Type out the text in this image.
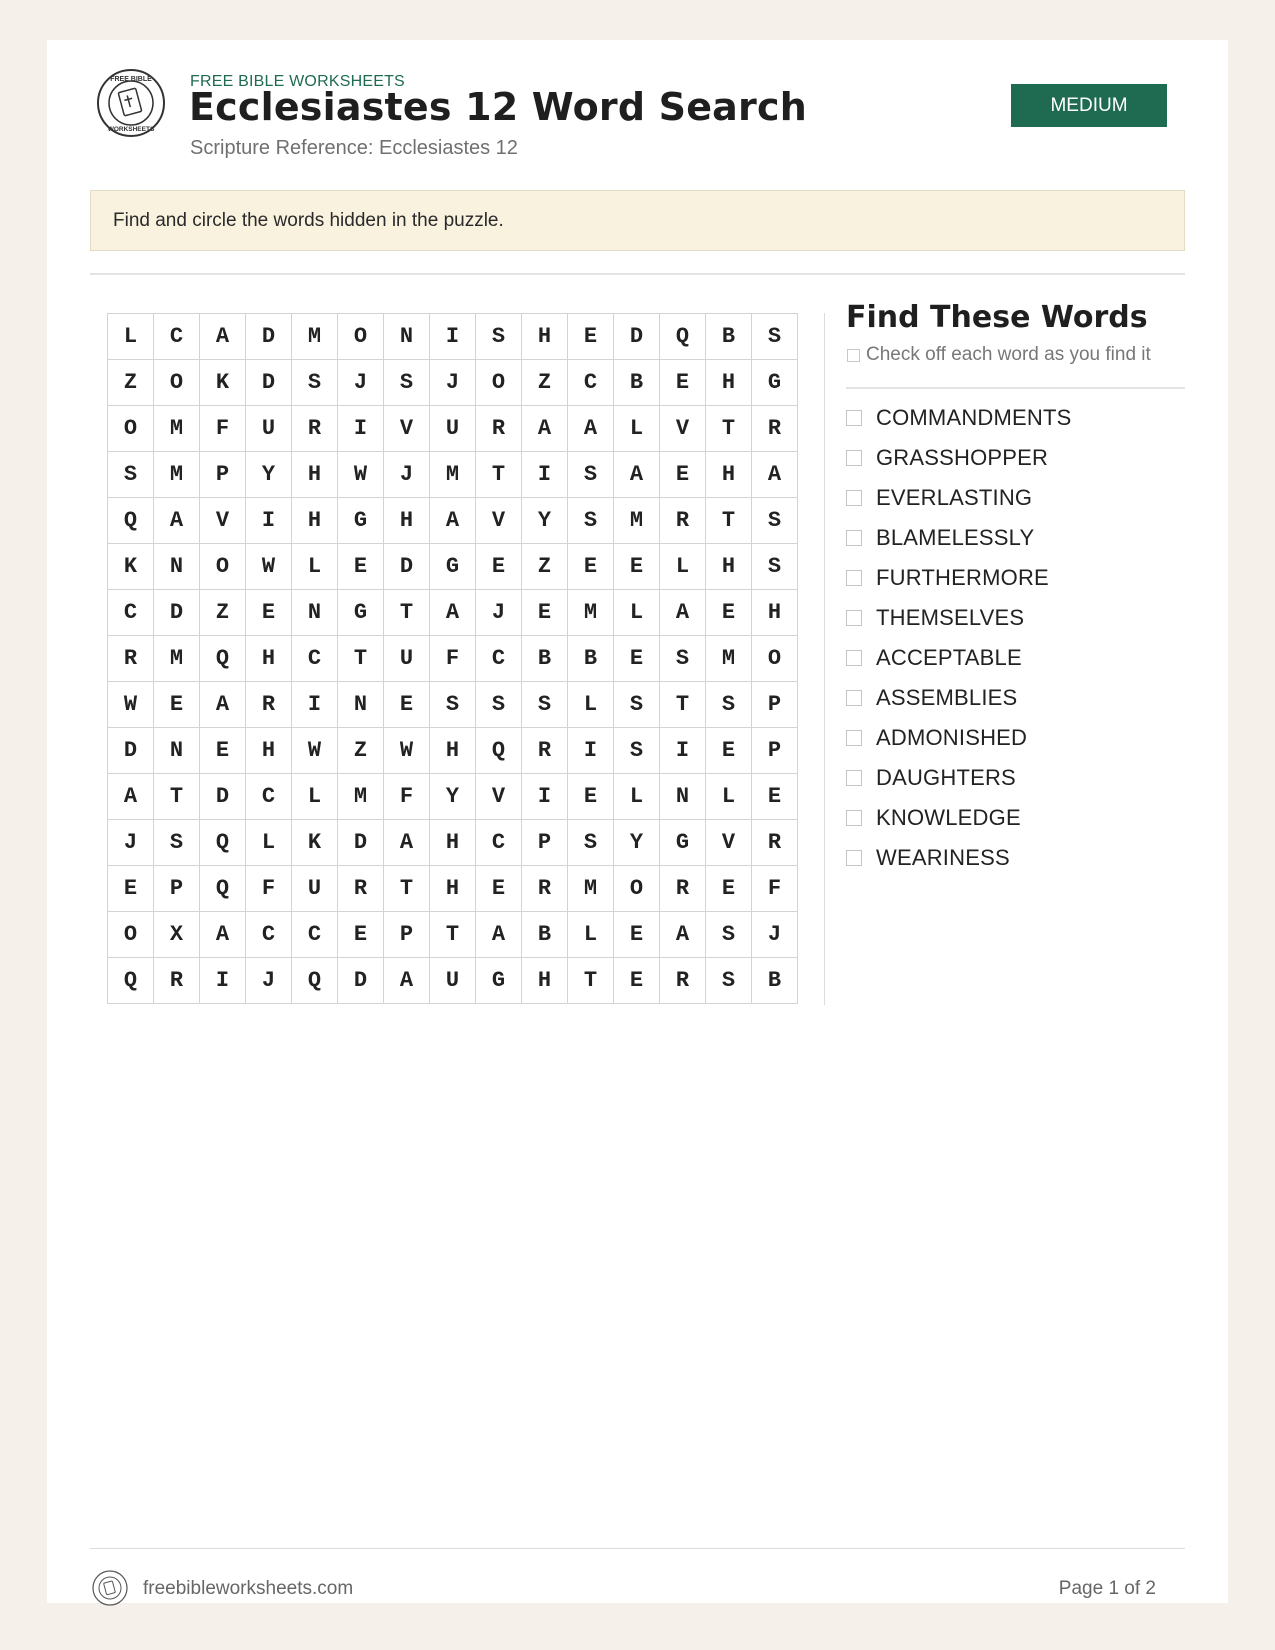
FREE BIBLE
WORKSHEETS
FREE BIBLE WORKSHEETS
Ecclesiastes 12 Word Search
Scripture Reference: Ecclesiastes 12
MEDIUM
Find and circle the words hidden in the puzzle.
L	C	A	D	M	O	N	I	S	H	E	D	Q	B	S
Z	O	K	D	S	J	S	J	O	Z	C	B	E	H	G
O	M	F	U	R	I	V	U	R	A	A	L	V	T	R
S	M	P	Y	H	W	J	M	T	I	S	A	E	H	A
Q	A	V	I	H	G	H	A	V	Y	S	M	R	T	S
K	N	O	W	L	E	D	G	E	Z	E	E	L	H	S
C	D	Z	E	N	G	T	A	J	E	M	L	A	E	H
R	M	Q	H	C	T	U	F	C	B	B	E	S	M	O
W	E	A	R	I	N	E	S	S	S	L	S	T	S	P
D	N	E	H	W	Z	W	H	Q	R	I	S	I	E	P
A	T	D	C	L	M	F	Y	V	I	E	L	N	L	E
J	S	Q	L	K	D	A	H	C	P	S	Y	G	V	R
E	P	Q	F	U	R	T	H	E	R	M	O	R	E	F
O	X	A	C	C	E	P	T	A	B	L	E	A	S	J
Q	R	I	J	Q	D	A	U	G	H	T	E	R	S	B
Find These Words
Check off each word as you find it
COMMANDMENTS
GRASSHOPPER
EVERLASTING
BLAMELESSLY
FURTHERMORE
THEMSELVES
ACCEPTABLE
ASSEMBLIES
ADMONISHED
DAUGHTERS
KNOWLEDGE
WEARINESS
freebibleworksheets.com	Page 1 of 2
